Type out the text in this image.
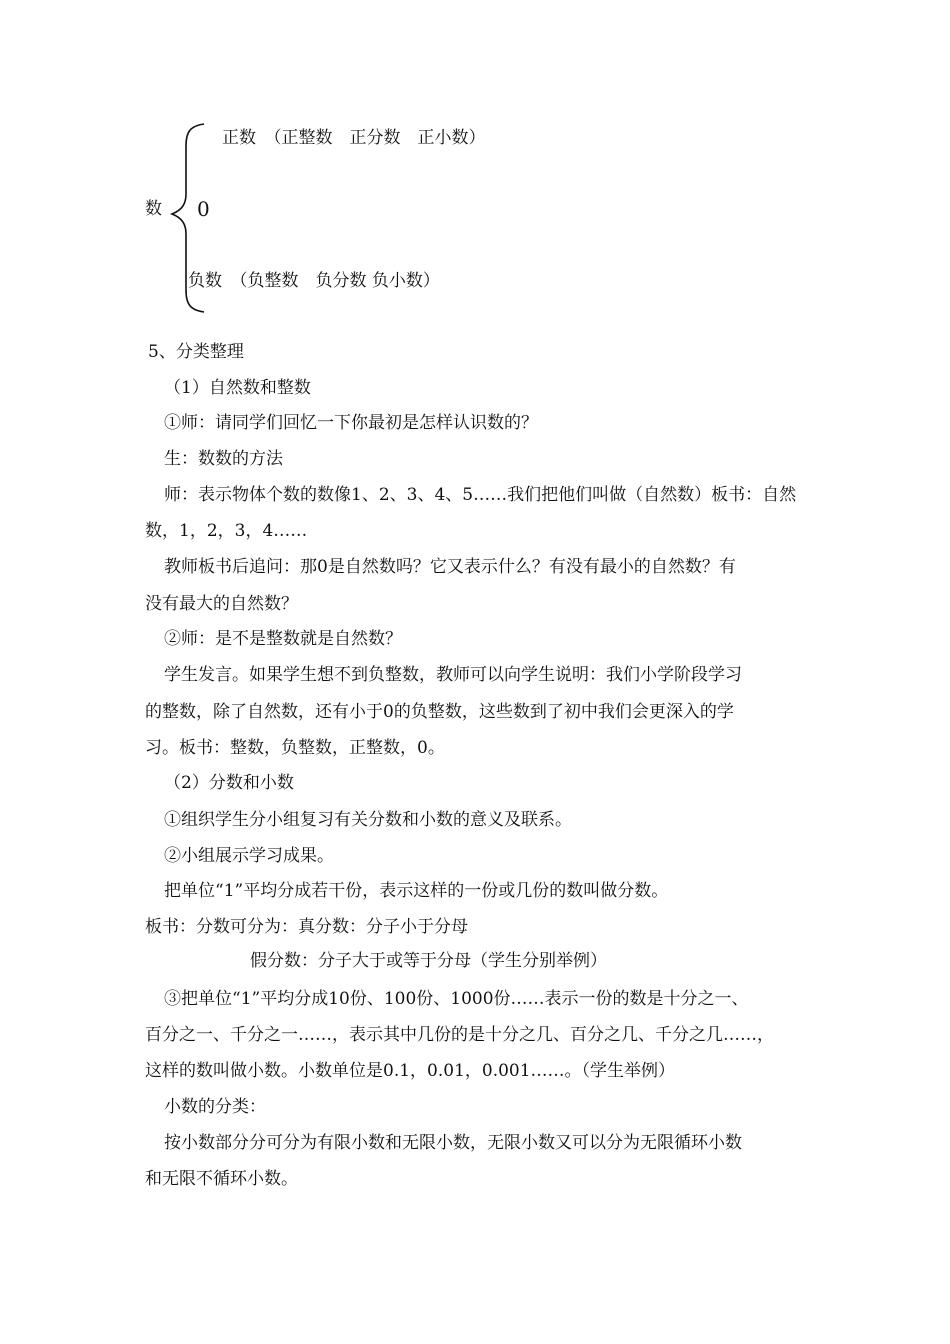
数
正数　（正整数　正分数　正小数）
0
负数　（负整数　负分数 负小数）
5、分类整理
（1）自然数和整数
①师：请同学们回忆一下你最初是怎样认识数的？
生：数数的方法
师：表示物体个数的数像1、2、3、4、5……我们把他们叫做（自然数）板书：自然
数，1，2，3，4……
教师板书后追问：那0是自然数吗？它又表示什么？有没有最小的自然数？有
没有最大的自然数？
②师：是不是整数就是自然数？
学生发言。如果学生想不到负整数，教师可以向学生说明：我们小学阶段学习
的整数，除了自然数，还有小于0的负整数，这些数到了初中我们会更深入的学
习。板书：整数，负整数，正整数，0。
（2）分数和小数
①组织学生分小组复习有关分数和小数的意义及联系。
②小组展示学习成果。
把单位“1”平均分成若干份，表示这样的一份或几份的数叫做分数。
板书：分数可分为：真分数：分子小于分母
假分数：分子大于或等于分母（学生分别举例）
③把单位“1”平均分成10份、100份、1000份……表示一份的数是十分之一、
百分之一、千分之一……，表示其中几份的是十分之几、百分之几、千分之几……，
这样的数叫做小数。小数单位是0.1，0.01，0.001……。（学生举例）
小数的分类：
按小数部分分可分为有限小数和无限小数，无限小数又可以分为无限循环小数
和无限不循环小数。
